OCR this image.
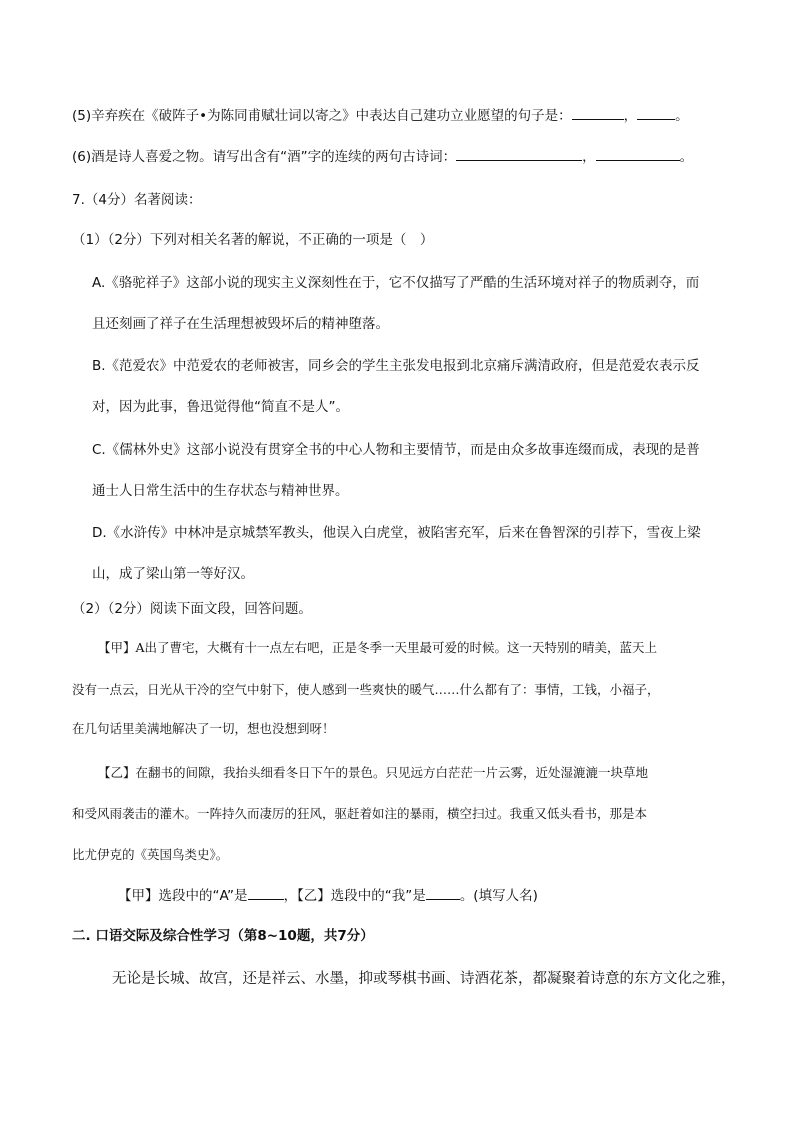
(5)辛弃疾在《破阵子•为陈同甫赋壮词以寄之》中表达自己建功立业愿望的句子是：	，	。
(6)酒是诗人喜爱之物。请写出含有“酒”字的连续的两句古诗词：	，	。
7.（4分）名著阅读：
（1）（2分）下列对相关名著的解说，不正确的一项是（　）
A.《骆驼祥子》这部小说的现实主义深刻性在于，它不仅描写了严酷的生活环境对祥子的物质剥夺，而
且还刻画了祥子在生活理想被毁坏后的精神堕落。
B.《范爱农》中范爱农的老师被害，同乡会的学生主张发电报到北京痛斥满清政府，但是范爱农表示反
对，因为此事，鲁迅觉得他“简直不是人”。
C.《儒林外史》这部小说没有贯穿全书的中心人物和主要情节，而是由众多故事连缀而成，表现的是普
通士人日常生活中的生存状态与精神世界。
D.《水浒传》中林冲是京城禁军教头，他误入白虎堂，被陷害充军，后来在鲁智深的引荐下，雪夜上梁
山，成了梁山第一等好汉。
（2）（2分）阅读下面文段，回答问题。
【甲】A出了曹宅，大概有十一点左右吧，正是冬季一天里最可爱的时候。这一天特别的晴美，蓝天上
没有一点云，日光从干冷的空气中射下，使人感到一些爽快的暖气……什么都有了：事情，工钱，小福子，
在几句话里美满地解决了一切，想也没想到呀！
【乙】在翻书的间隙，我抬头细看冬日下午的景色。只见远方白茫茫一片云雾，近处湿漉漉一块草地
和受风雨袭击的灌木。一阵持久而凄厉的狂风，驱赶着如注的暴雨，横空扫过。我重又低头看书，那是本
比尤伊克的《英国鸟类史》。
【甲】选段中的“A”是	，【乙】选段中的“我”是	。(填写人名)
二. 口语交际及综合性学习（第8~10题，共7分）
无论是长城、故宫，还是祥云、水墨，抑或琴棋书画、诗酒花茶，都凝聚着诗意的东方文化之雅，
